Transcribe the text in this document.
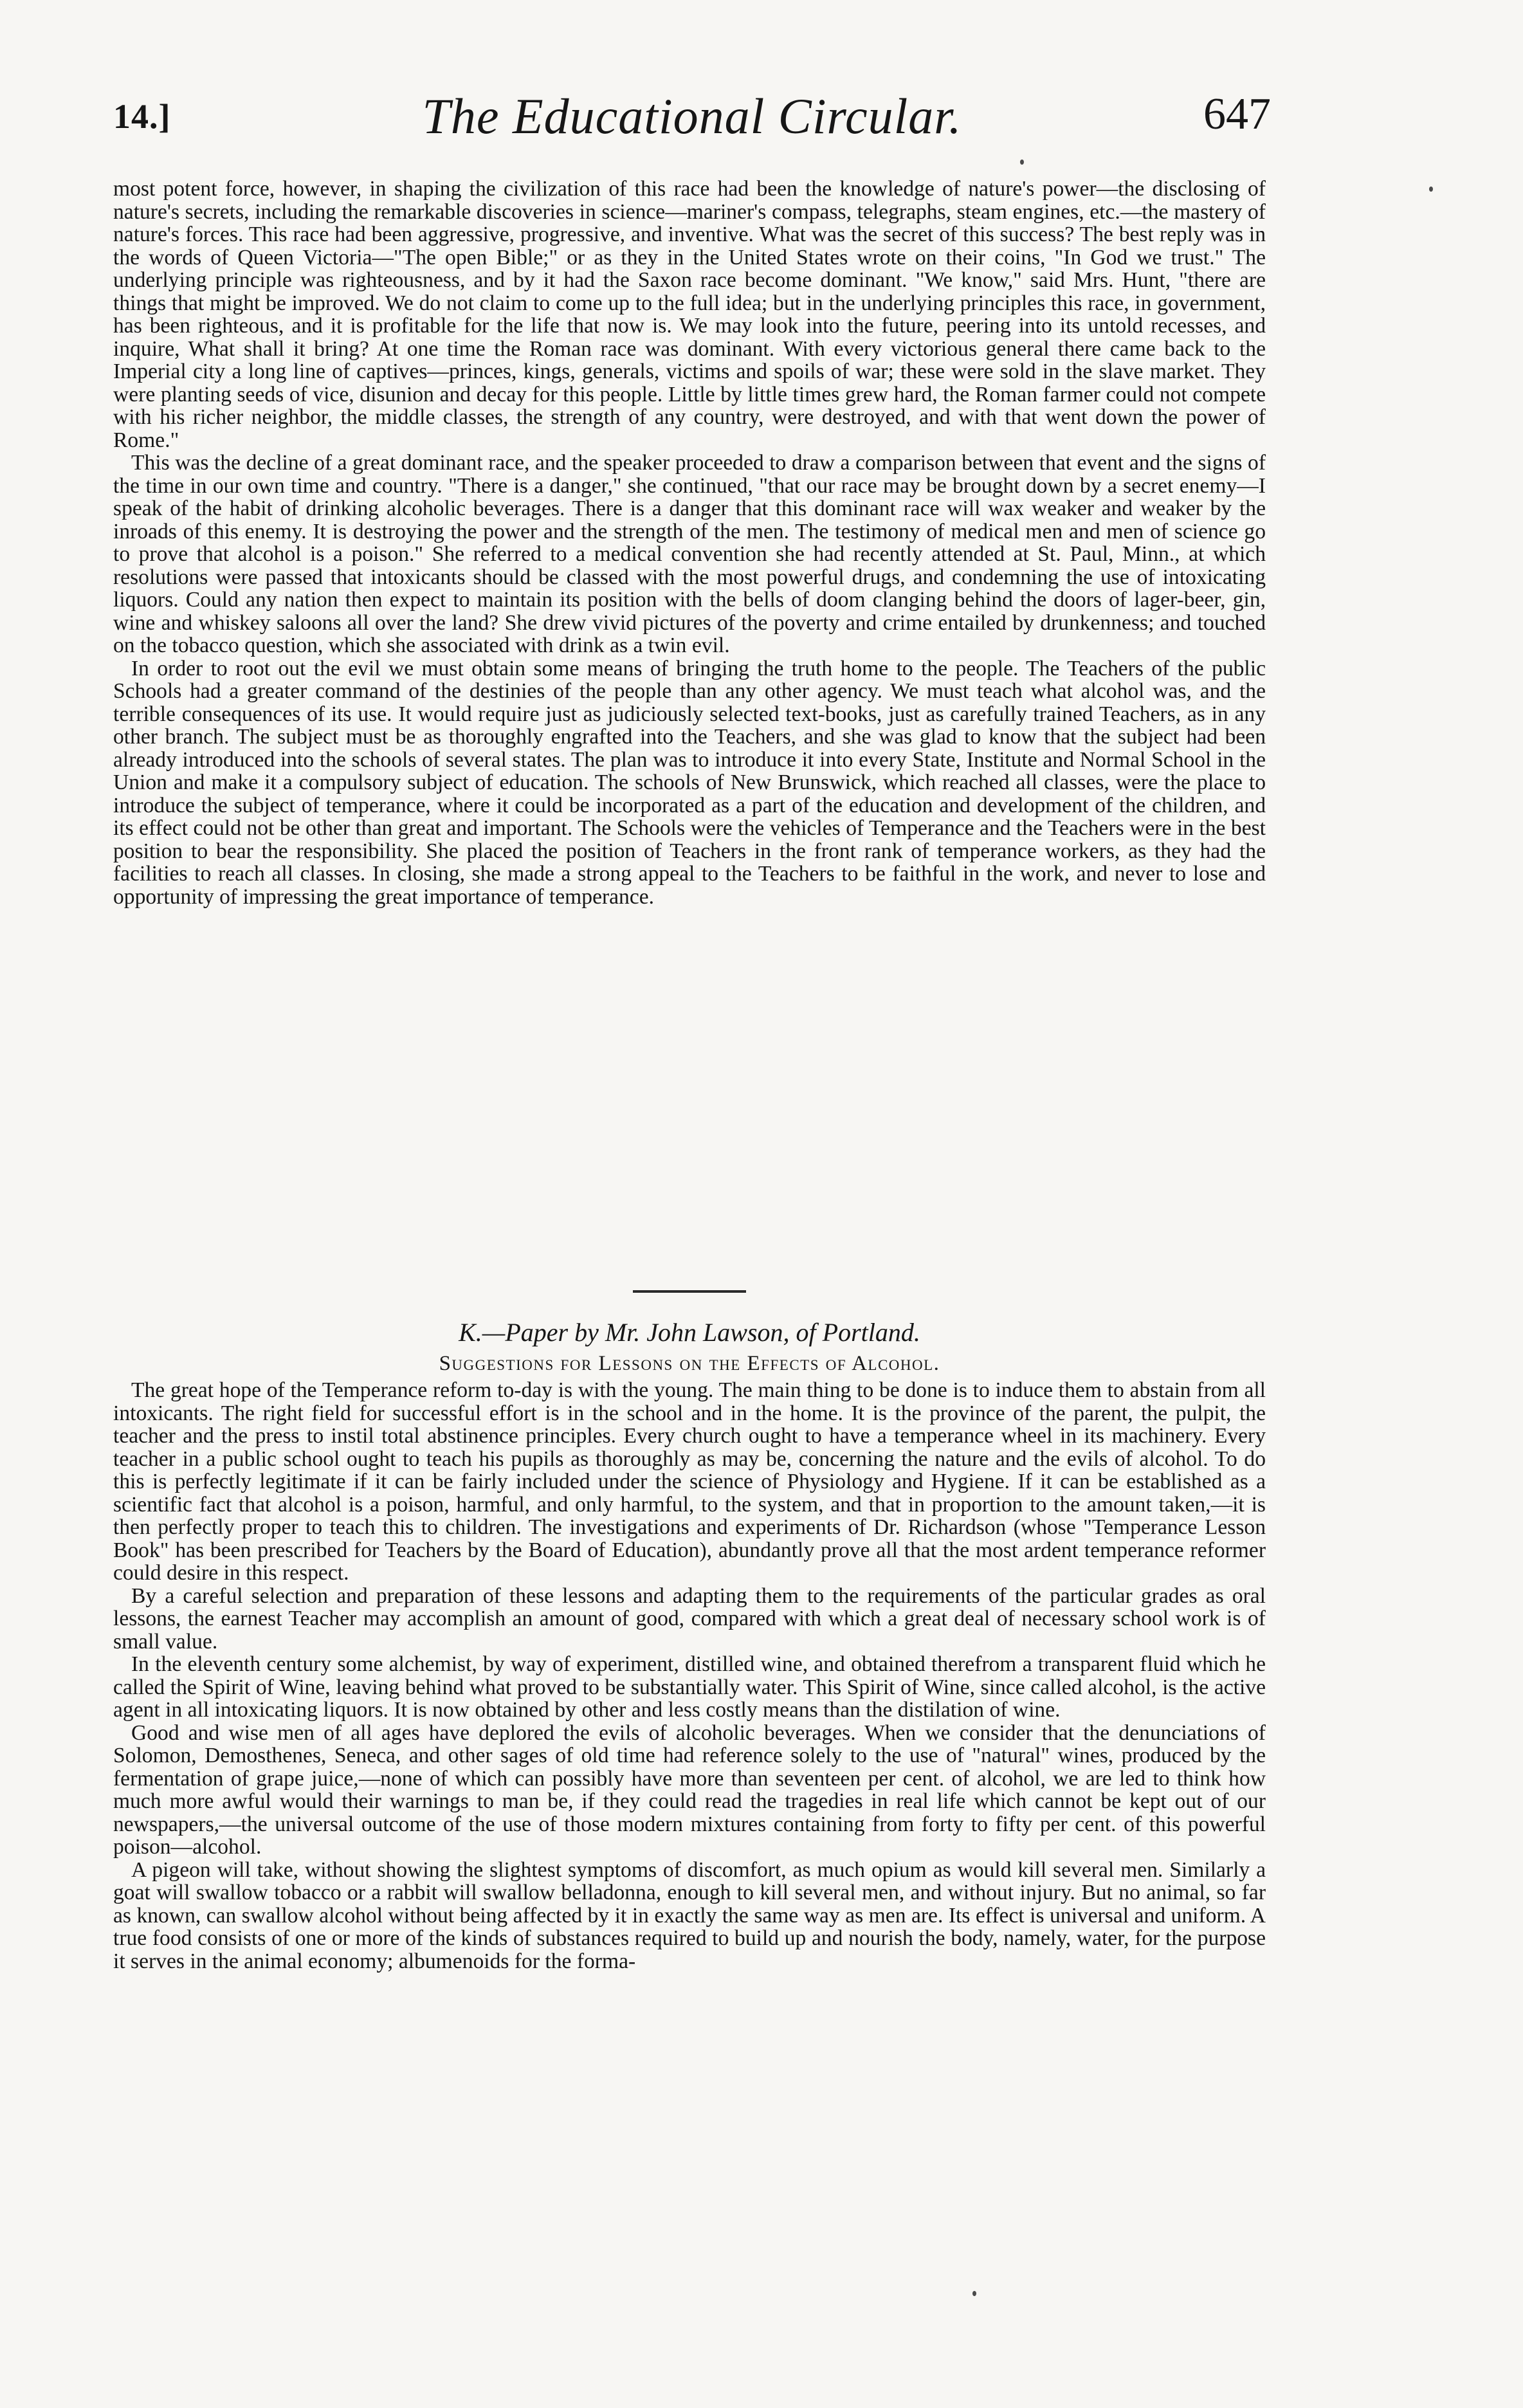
14.]	The Educational Circular.	647

most potent force, however, in shaping the civilization of this race had been the knowledge of nature's power—the disclosing of nature's secrets, including the remarkable discoveries in science—mariner's compass, telegraphs, steam engines, etc.—the mastery of nature's forces. This race had been aggressive, progressive, and inventive. What was the secret of this success? The best reply was in the words of Queen Victoria—"The open Bible;" or as they in the United States wrote on their coins, "In God we trust." The underlying principle was righteousness, and by it had the Saxon race become dominant. "We know," said Mrs. Hunt, "there are things that might be improved. We do not claim to come up to the full idea; but in the underlying principles this race, in government, has been righteous, and it is profitable for the life that now is. We may look into the future, peering into its untold recesses, and inquire, What shall it bring? At one time the Roman race was dominant. With every victorious general there came back to the Imperial city a long line of captives—princes, kings, generals, victims and spoils of war; these were sold in the slave market. They were planting seeds of vice, disunion and decay for this people. Little by little times grew hard, the Roman farmer could not compete with his richer neighbor, the middle classes, the strength of any country, were destroyed, and with that went down the power of Rome."

This was the decline of a great dominant race, and the speaker proceeded to draw a comparison between that event and the signs of the time in our own time and country. "There is a danger," she continued, "that our race may be brought down by a secret enemy—I speak of the habit of drinking alcoholic beverages. There is a danger that this dominant race will wax weaker and weaker by the inroads of this enemy. It is destroying the power and the strength of the men. The testimony of medical men and men of science go to prove that alcohol is a poison." She referred to a medical convention she had recently attended at St. Paul, Minn., at which resolutions were passed that intoxicants should be classed with the most powerful drugs, and condemning the use of intoxicating liquors. Could any nation then expect to maintain its position with the bells of doom clanging behind the doors of lager-beer, gin, wine and whiskey saloons all over the land? She drew vivid pictures of the poverty and crime entailed by drunkenness; and touched on the tobacco question, which she associated with drink as a twin evil.

In order to root out the evil we must obtain some means of bringing the truth home to the people. The Teachers of the public Schools had a greater command of the destinies of the people than any other agency. We must teach what alcohol was, and the terrible consequences of its use. It would require just as judiciously selected text-books, just as carefully trained Teachers, as in any other branch. The subject must be as thoroughly engrafted into the Teachers, and she was glad to know that the subject had been already introduced into the schools of several states. The plan was to introduce it into every State, Institute and Normal School in the Union and make it a compulsory subject of education. The schools of New Brunswick, which reached all classes, were the place to introduce the subject of temperance, where it could be incorporated as a part of the education and development of the children, and its effect could not be other than great and important. The Schools were the vehicles of Temperance and the Teachers were in the best position to bear the responsibility. She placed the position of Teachers in the front rank of temperance workers, as they had the facilities to reach all classes. In closing, she made a strong appeal to the Teachers to be faithful in the work, and never to lose and opportunity of impressing the great importance of temperance.

K.—Paper by Mr. John Lawson, of Portland.
Suggestions for Lessons on the Effects of Alcohol.

The great hope of the Temperance reform to-day is with the young. The main thing to be done is to induce them to abstain from all intoxicants. The right field for successful effort is in the school and in the home. It is the province of the parent, the pulpit, the teacher and the press to instil total abstinence principles. Every church ought to have a temperance wheel in its machinery. Every teacher in a public school ought to teach his pupils as thoroughly as may be, concerning the nature and the evils of alcohol. To do this is perfectly legitimate if it can be fairly included under the science of Physiology and Hygiene. If it can be established as a scientific fact that alcohol is a poison, harmful, and only harmful, to the system, and that in proportion to the amount taken,—it is then perfectly proper to teach this to children. The investigations and experiments of Dr. Richardson (whose "Temperance Lesson Book" has been prescribed for Teachers by the Board of Education), abundantly prove all that the most ardent temperance reformer could desire in this respect.

By a careful selection and preparation of these lessons and adapting them to the requirements of the particular grades as oral lessons, the earnest Teacher may accomplish an amount of good, compared with which a great deal of necessary school work is of small value.

In the eleventh century some alchemist, by way of experiment, distilled wine, and obtained therefrom a transparent fluid which he called the Spirit of Wine, leaving behind what proved to be substantially water. This Spirit of Wine, since called alcohol, is the active agent in all intoxicating liquors. It is now obtained by other and less costly means than the distilation of wine.

Good and wise men of all ages have deplored the evils of alcoholic beverages. When we consider that the denunciations of Solomon, Demosthenes, Seneca, and other sages of old time had reference solely to the use of "natural" wines, produced by the fermentation of grape juice,—none of which can possibly have more than seventeen per cent. of alcohol, we are led to think how much more awful would their warnings to man be, if they could read the tragedies in real life which cannot be kept out of our newspapers,—the universal outcome of the use of those modern mixtures containing from forty to fifty per cent. of this powerful poison—alcohol.

A pigeon will take, without showing the slightest symptoms of discomfort, as much opium as would kill several men. Similarly a goat will swallow tobacco or a rabbit will swallow belladonna, enough to kill several men, and without injury. But no animal, so far as known, can swallow alcohol without being affected by it in exactly the same way as men are. Its effect is universal and uniform. A true food consists of one or more of the kinds of substances required to build up and nourish the body, namely, water, for the purpose it serves in the animal economy; albumenoids for the forma-
